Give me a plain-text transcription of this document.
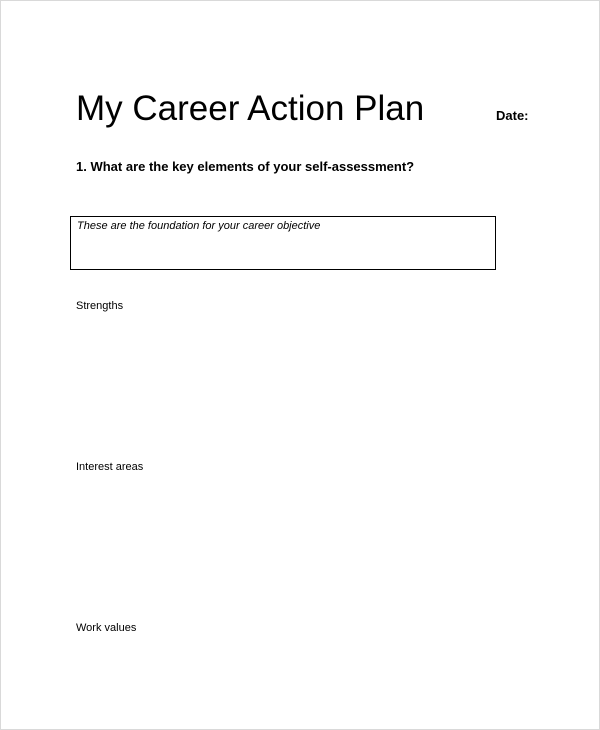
My Career Action Plan	Date:
1. What are the key elements of your self-assessment?
These are the foundation for your career objective
Strengths
Interest areas
Work values
